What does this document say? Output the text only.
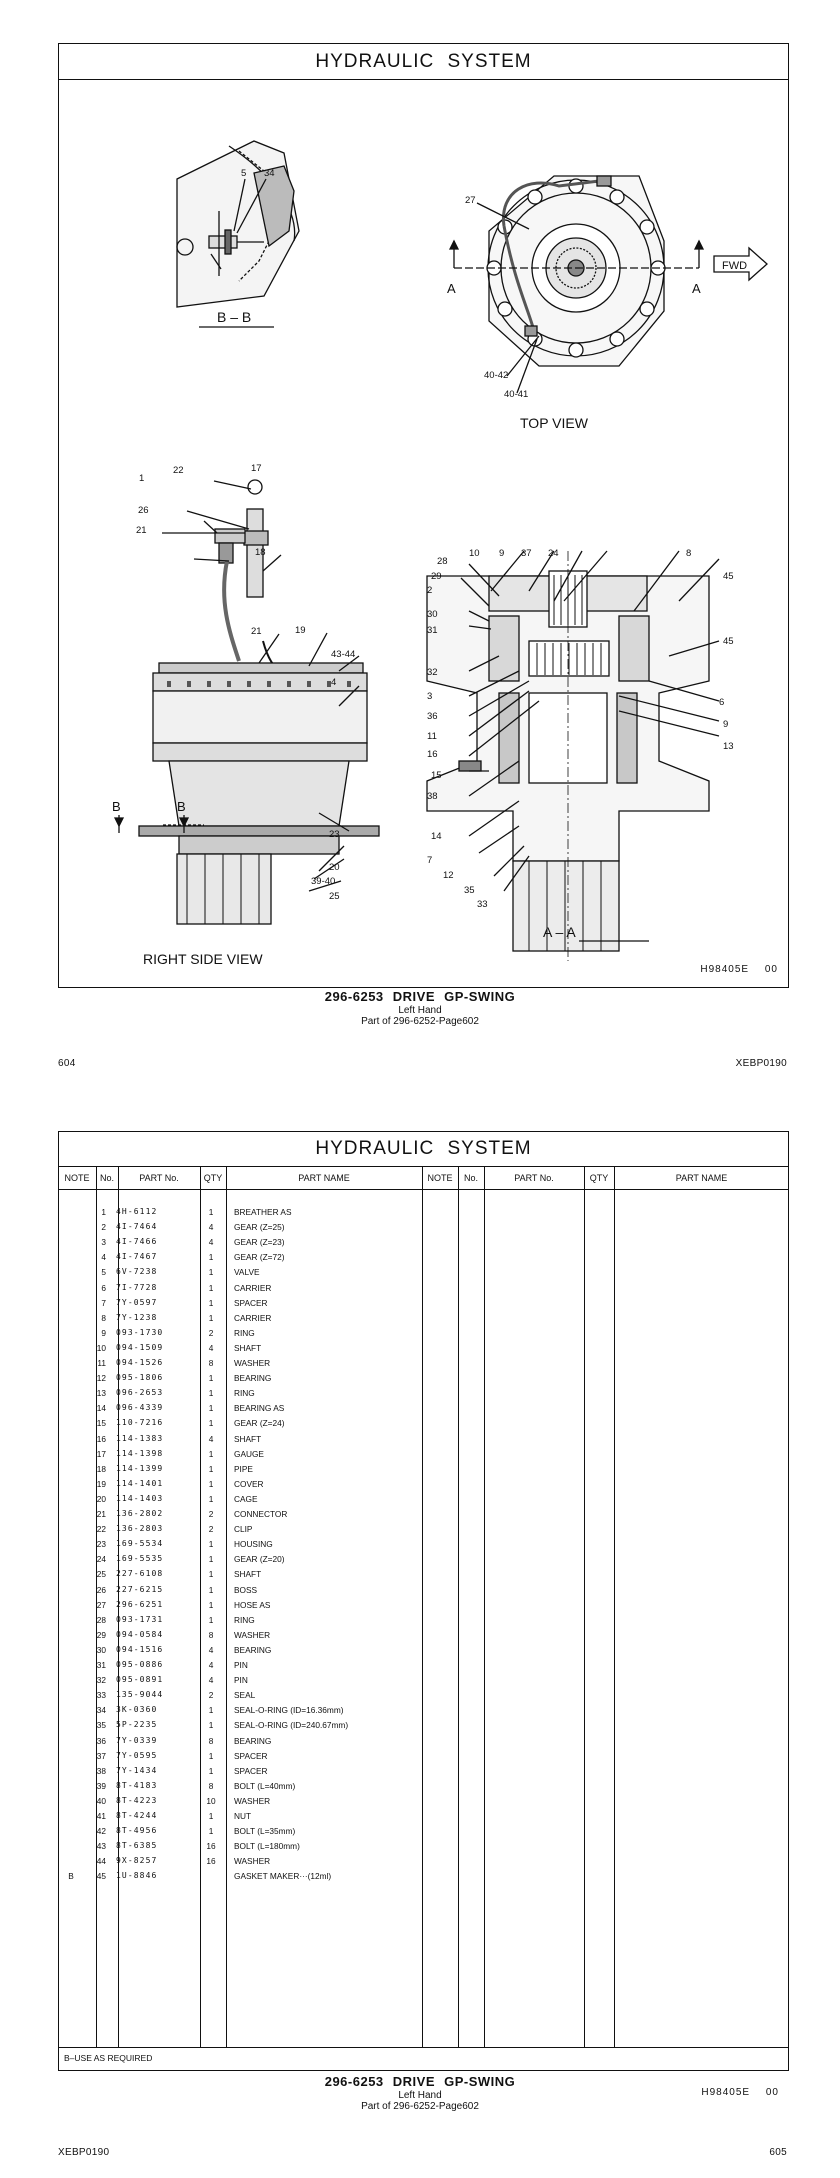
HYDRAULIC SYSTEM
B – B
TOP VIEW
RIGHT SIDE VIEW
A – A
FWD
A	A
B	B
5 34
27
40-42
40-41
1
22	17
26
21
18
21	19
43-44
4
23
20
39-40
25
28
10 9 37 24	8
29
2
45
30
31
32
45
3
36
11
6
16
15
9
13
38
14
7
12
35
33
H98405E 00
296-6253 DRIVE GP-SWING
Left Hand
Part of 296-6252-Page602
604	XEBP0190
HYDRAULIC SYSTEM
NOTE	No.	PART No.	QTY	PART NAME	NOTE	No.	PART No.	QTY	PART NAME
1 4H-6112	1	BREATHER AS
2 4I-7464	4	GEAR (Z=25)
3 4I-7466	4	GEAR (Z=23)
4 4I-7467	1	GEAR (Z=72)
5 6V-7238	1	VALVE
6 7I-7728	1	CARRIER
7 7Y-0597	1	SPACER
8 7Y-1238	1	CARRIER
9 093-1730	2	RING
10 094-1509	4	SHAFT
11 094-1526	8	WASHER
12 095-1806	1	BEARING
13 096-2653	1	RING
14 096-4339	1	BEARING AS
15 110-7216	1	GEAR (Z=24)
16 114-1383	4	SHAFT
17 114-1398	1	GAUGE
18 114-1399	1	PIPE
19 114-1401	1	COVER
20 114-1403	1	CAGE
21 136-2802	2	CONNECTOR
22 136-2803	2	CLIP
23 169-5534	1	HOUSING
24 169-5535	1	GEAR (Z=20)
25 227-6108	1	SHAFT
26 227-6215	1	BOSS
27 296-6251	1	HOSE AS
28 093-1731	1	RING
29 094-0584	8	WASHER
30 094-1516	4	BEARING
31 095-0886	4	PIN
32 095-0891	4	PIN
33 135-9044	2	SEAL
34 3K-0360	1	SEAL-O-RING (ID=16.36mm)
35 5P-2235	1	SEAL-O-RING (ID=240.67mm)
36 7Y-0339	8	BEARING
37 7Y-0595	1	SPACER
38 7Y-1434	1	SPACER
39 8T-4183	8	BOLT (L=40mm)
40 8T-4223	10	WASHER
41 8T-4244	1	NUT
42 8T-4956	1	BOLT (L=35mm)
43 8T-6385	16	BOLT (L=180mm)
44 9X-8257	16	WASHER
B	45 1U-8846	GASKET MAKER···(12ml)
B–USE AS REQUIRED
H98405E 00
296-6253 DRIVE GP-SWING
Left Hand
Part of 296-6252-Page602
XEBP0190	605
